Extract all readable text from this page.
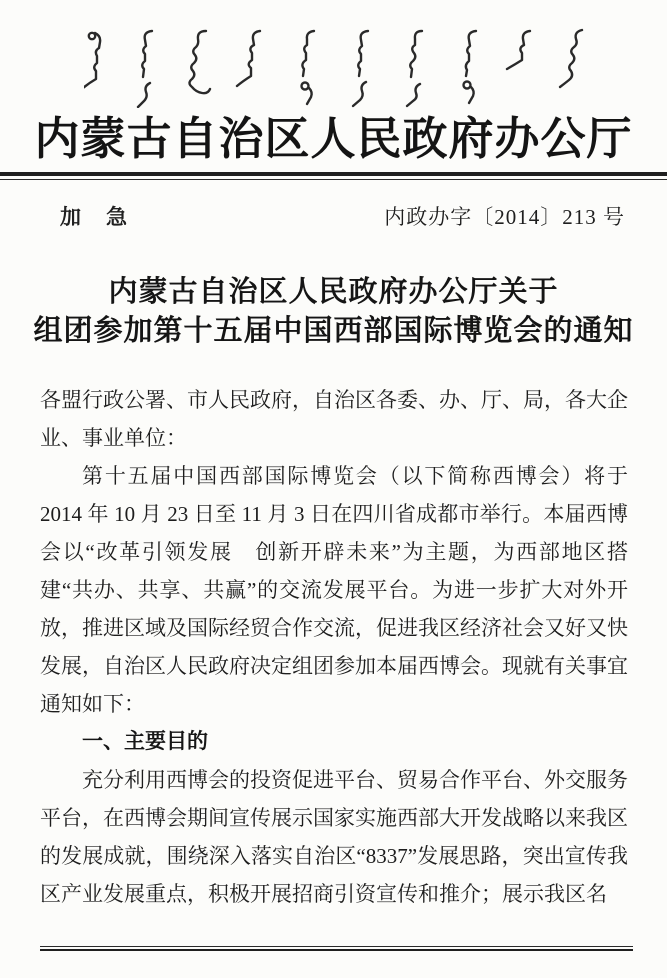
内蒙古自治区人民政府办公厅
加　急	内政办字〔2014〕213 号
内蒙古自治区人民政府办公厅关于
组团参加第十五届中国西部国际博览会的通知

各盟行政公署、市人民政府，自治区各委、办、厅、局，各大企业、事业单位：

第十五届中国西部国际博览会（以下简称西博会）将于 2014 年 10 月 23 日至 11 月 3 日在四川省成都市举行。本届西博会以“改革引领发展　创新开辟未来”为主题，为西部地区搭建“共办、共享、共赢”的交流发展平台。为进一步扩大对外开放，推进区域及国际经贸合作交流，促进我区经济社会又好又快发展，自治区人民政府决定组团参加本届西博会。现就有关事宜通知如下：

一、主要目的

充分利用西博会的投资促进平台、贸易合作平台、外交服务平台，在西博会期间宣传展示国家实施西部大开发战略以来我区的发展成就，围绕深入落实自治区“8337”发展思路，突出宣传我区产业发展重点，积极开展招商引资宣传和推介；展示我区名
